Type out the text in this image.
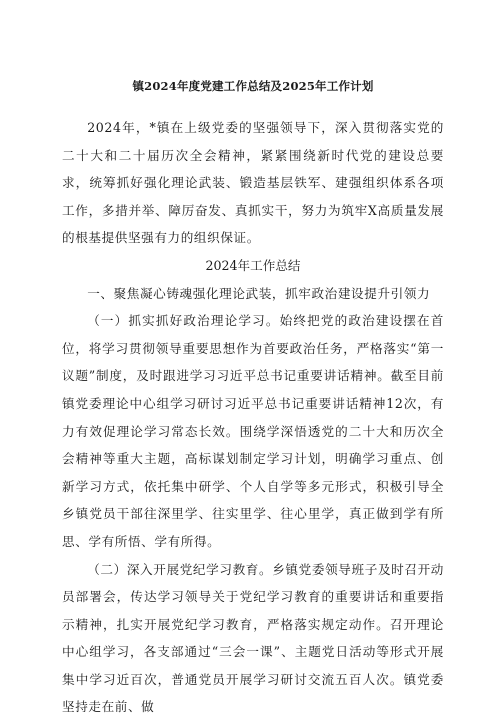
镇2024年度党建工作总结及2025年工作计划

2024年，*镇在上级党委的坚强领导下，深入贯彻落实党的二十大和二十届历次全会精神，紧紧围绕新时代党的建设总要求，统筹抓好强化理论武装、锻造基层铁军、建强组织体系各项工作，多措并举、障厉奋发、真抓实干，努力为筑牢X高质量发展的根基提供坚强有力的组织保证。

2024年工作总结

一、聚焦凝心铸魂强化理论武装，抓牢政治建设提升引领力

（一）抓实抓好政治理论学习。始终把党的政治建设摆在首位，将学习贯彻领导重要思想作为首要政治任务，严格落实“第一议题”制度，及时跟进学习习近平总书记重要讲话精神。截至目前镇党委理论中心组学习研讨习近平总书记重要讲话精神12次，有力有效促理论学习常态长效。围绕学深悟透党的二十大和历次全会精神等重大主题，高标谋划制定学习计划，明确学习重点、创新学习方式，依托集中研学、个人自学等多元形式，积极引导全乡镇党员干部往深里学、往实里学、往心里学，真正做到学有所思、学有所悟、学有所得。

（二）深入开展党纪学习教育。乡镇党委领导班子及时召开动员部署会，传达学习领导关于党纪学习教育的重要讲话和重要指示精神，扎实开展党纪学习教育，严格落实规定动作。召开理论中心组学习，各支部通过“三会一课”、主题党日活动等形式开展集中学习近百次，普通党员开展学习研讨交流五百人次。镇党委坚持走在前、做
